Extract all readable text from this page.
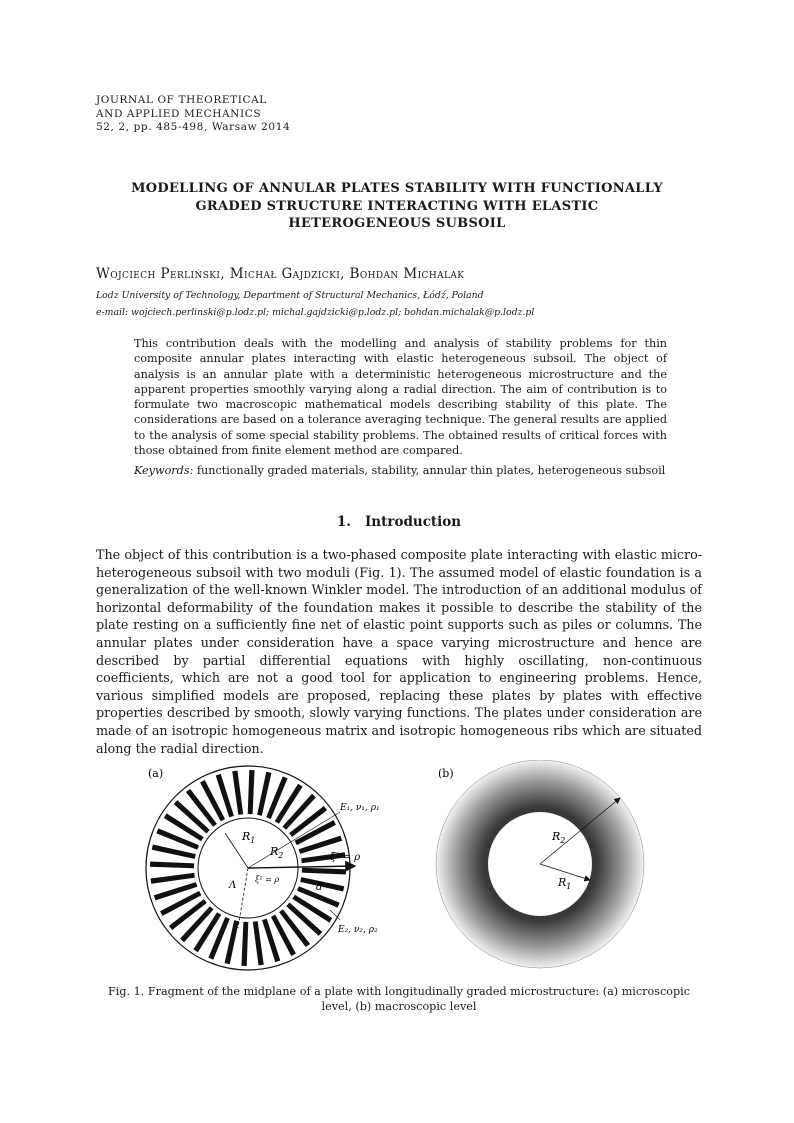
JOURNAL OF THEORETICAL
AND APPLIED MECHANICS
52, 2, pp. 485-498, Warsaw 2014
MODELLING OF ANNULAR PLATES STABILITY WITH FUNCTIONALLY
GRADED STRUCTURE INTERACTING WITH ELASTIC
HETEROGENEOUS SUBSOIL
Wojciech Perliński, Michał Gajdzicki, Bohdan Michalak
Lodz University of Technology, Department of Structural Mechanics, Łódź, Poland
e-mail: wojciech.perlinski@p.lodz.pl; michal.gajdzicki@p.lodz.pl; bohdan.michalak@p.lodz.pl
This contribution deals with the modelling and analysis of stability problems for thin composite annular plates interacting with elastic heterogeneous subsoil. The object of analysis is an annular plate with a deterministic heterogeneous microstructure and the apparent properties smoothly varying along a radial direction. The aim of contribution is to formulate two macroscopic mathematical models describing stability of this plate. The considerations are based on a tolerance averaging technique. The general results are applied to the analysis of some special stability problems. The obtained results of critical forces with those obtained from finite element method are compared.
Keywords: functionally graded materials, stability, annular thin plates, heterogeneous subsoil
1. Introduction
The object of this contribution is a two-phased composite plate interacting with elastic micro-heterogeneous subsoil with two moduli (Fig. 1). The assumed model of elastic foundation is a generalization of the well-known Winkler model. The introduction of an additional modulus of horizontal deformability of the foundation makes it possible to describe the stability of the plate resting on a sufficiently fine net of elastic point supports such as piles or columns. The annular plates under consideration have a space varying microstructure and hence are described by partial differential equations with highly oscillating, non-continuous coefficients, which are not a good tool for application to engineering problems. Hence, various simplified models are proposed, replacing these plates by plates with effective properties described by smooth, slowly varying functions. The plates under consideration are made of an isotropic homogeneous matrix and isotropic homogeneous ribs which are situated along the radial direction.
(a)
$R_1$
$R_2$
E₁, ν₁, ρ₁
E₂, ν₂, ρ₂
ξ² = ρ
ξ¹ = ρ
Λ	d
(b)
$R_2$
$R_1$
Fig. 1. Fragment of the midplane of a plate with longitudinally graded microstructure: (a) microscopic
level, (b) macroscopic level
